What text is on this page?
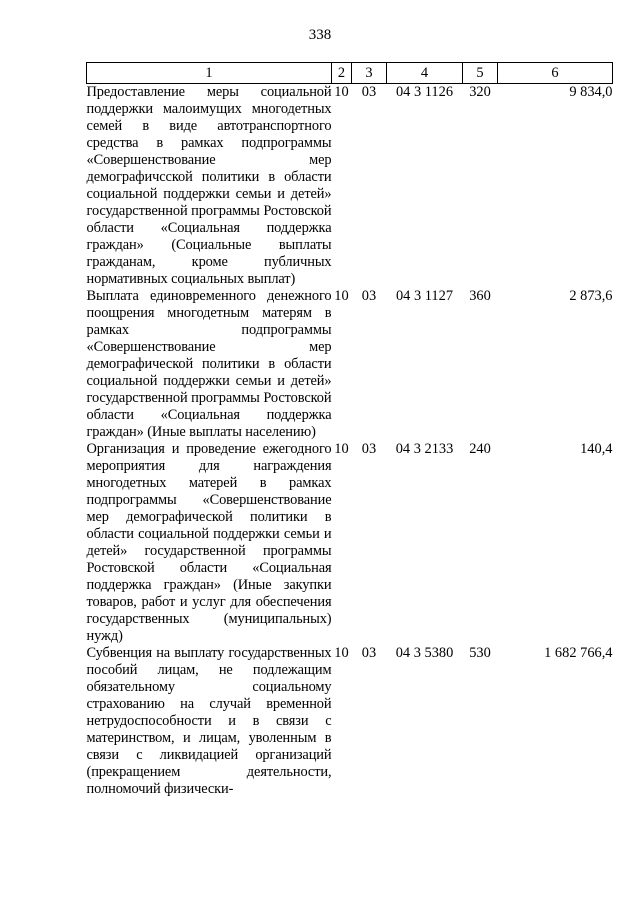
338
1	2	3	4	5	6
Предоставление меры социальной поддержки малоимущих многодетных семей в виде автотранспортного средства в рамках подпрограммы «Совершенствование мер демографичсской политики в области социальной поддержки семьи и детей» государственной программы Ростовской области «Социальная поддержка граждан» (Социальные выплаты гражданам, кроме публичных нормативных социальных выплат)	10	03	04 3 1126	320	9 834,0
Выплата единовременного денежного поощрения многодетным матерям в рамках подпрограммы «Совершенствование мер демографической политики в области социальной поддержки семьи и детей» государственной программы Ростовской области «Социальная поддержка граждан» (Иные выплаты населению)	10	03	04 3 1127	360	2 873,6
Организация и проведение ежегодного мероприятия для награждения многодетных матерей в рамках подпрограммы «Совершенствование мер демографической политики в области социальной поддержки семьи и детей» государственной программы Ростовской области «Социальная поддержка граждан» (Иные закупки товаров, работ и услуг для обеспечения государственных (муниципальных) нужд)	10	03	04 3 2133	240	140,4
Субвенция на выплату государственных пособий лицам, не подлежащим обязательному социальному страхованию на случай временной нетрудоспособности и в связи с материнством, и лицам, уволенным в связи с ликвидацией организаций (прекращением деятельности, полномочий физически-	10	03	04 3 5380	530	1 682 766,4
